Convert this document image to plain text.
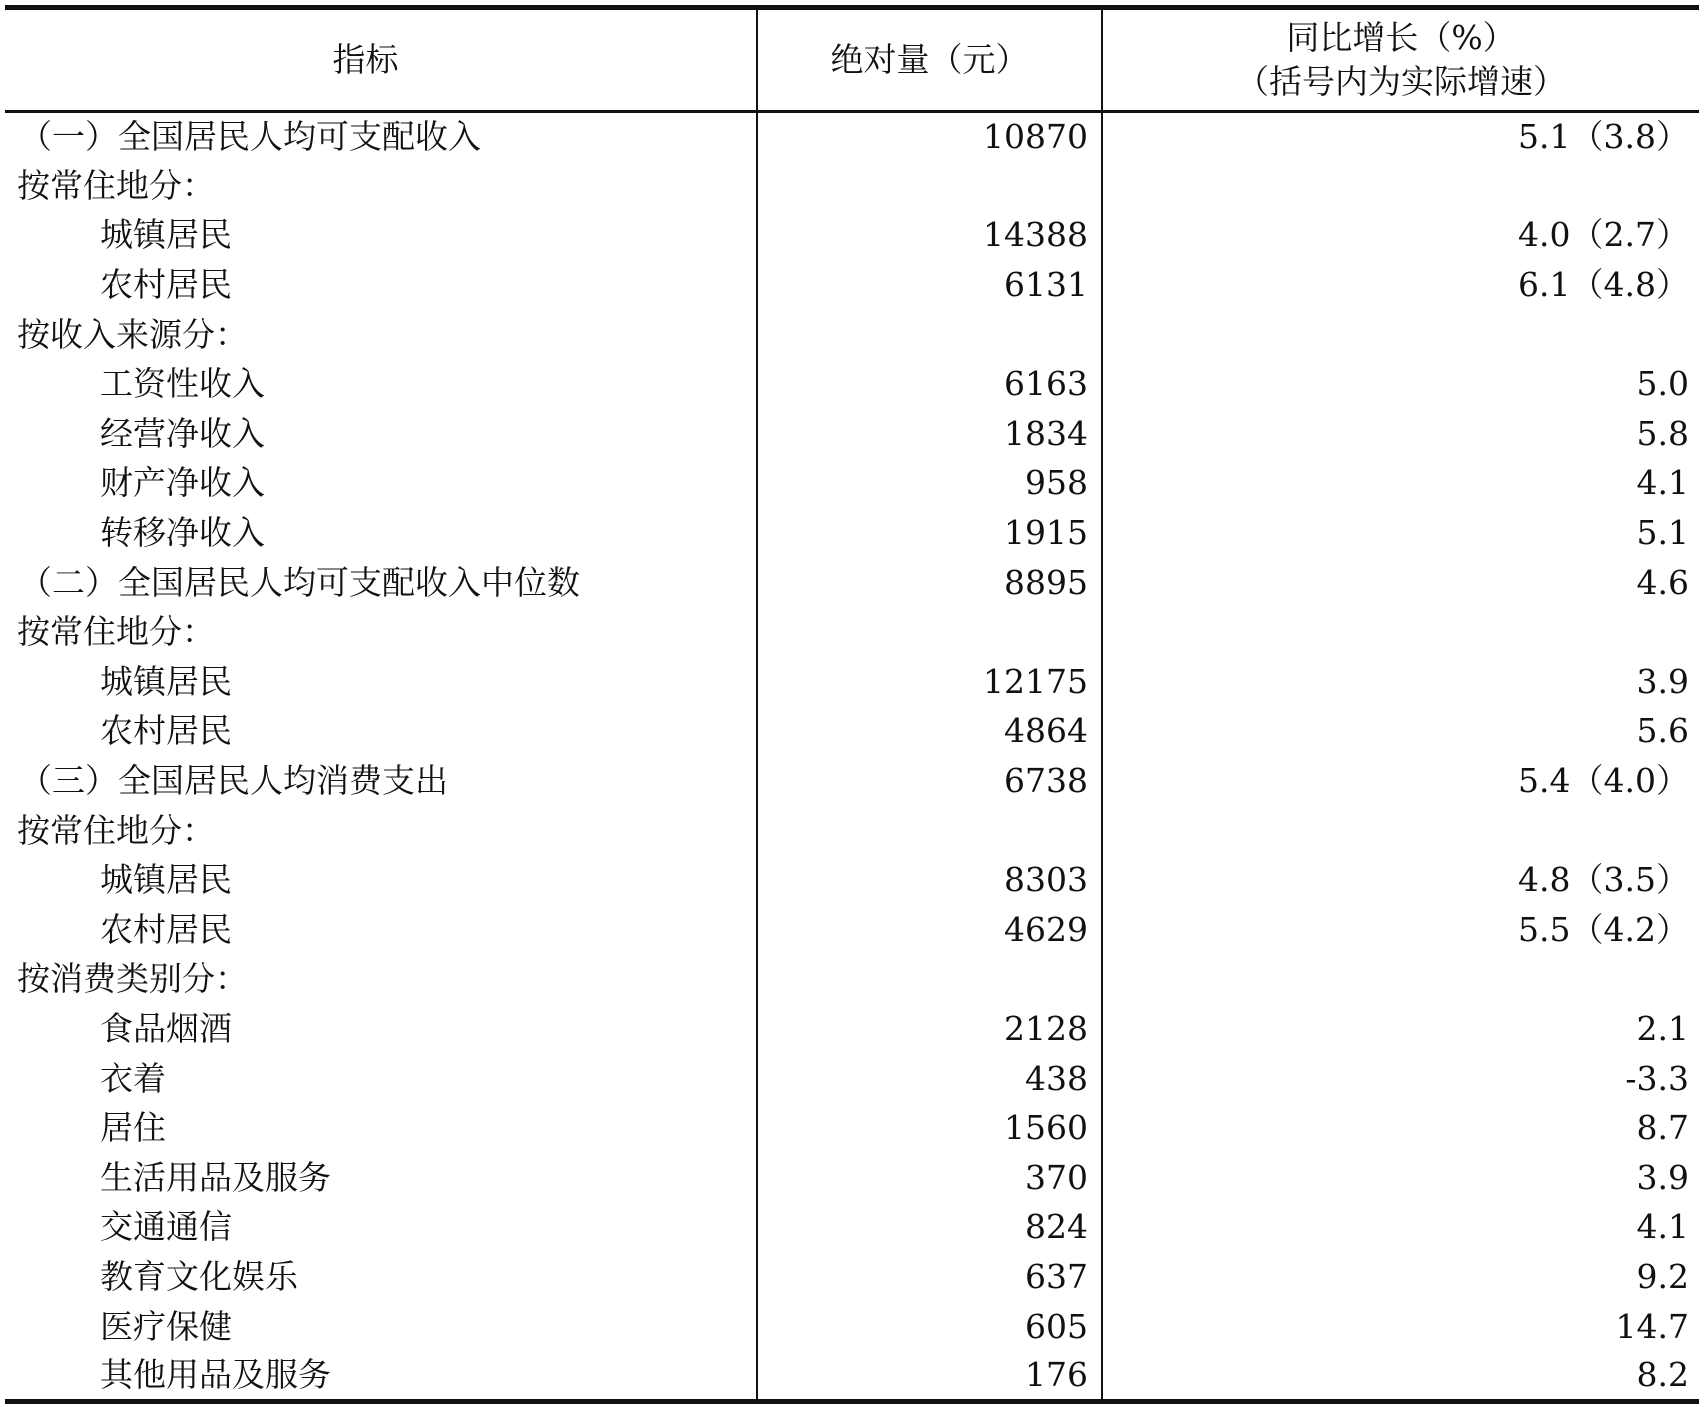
指标	绝对量（元）	同比增长（%）
（括号内为实际增速）

（一）全国居民人均可支配收入	10870	5.1（3.8）
按常住地分：		
城镇居民	14388	4.0（2.7）
农村居民	6131	6.1（4.8）
按收入来源分：		
工资性收入	6163	5.0
经营净收入	1834	5.8
财产净收入	958	4.1
转移净收入	1915	5.1
（二）全国居民人均可支配收入中位数	8895	4.6
按常住地分：		
城镇居民	12175	3.9
农村居民	4864	5.6
（三）全国居民人均消费支出	6738	5.4（4.0）
按常住地分：		
城镇居民	8303	4.8（3.5）
农村居民	4629	5.5（4.2）
按消费类别分：		
食品烟酒	2128	2.1
衣着	438	-3.3
居住	1560	8.7
生活用品及服务	370	3.9
交通通信	824	4.1
教育文化娱乐	637	9.2
医疗保健	605	14.7
其他用品及服务	176	8.2
